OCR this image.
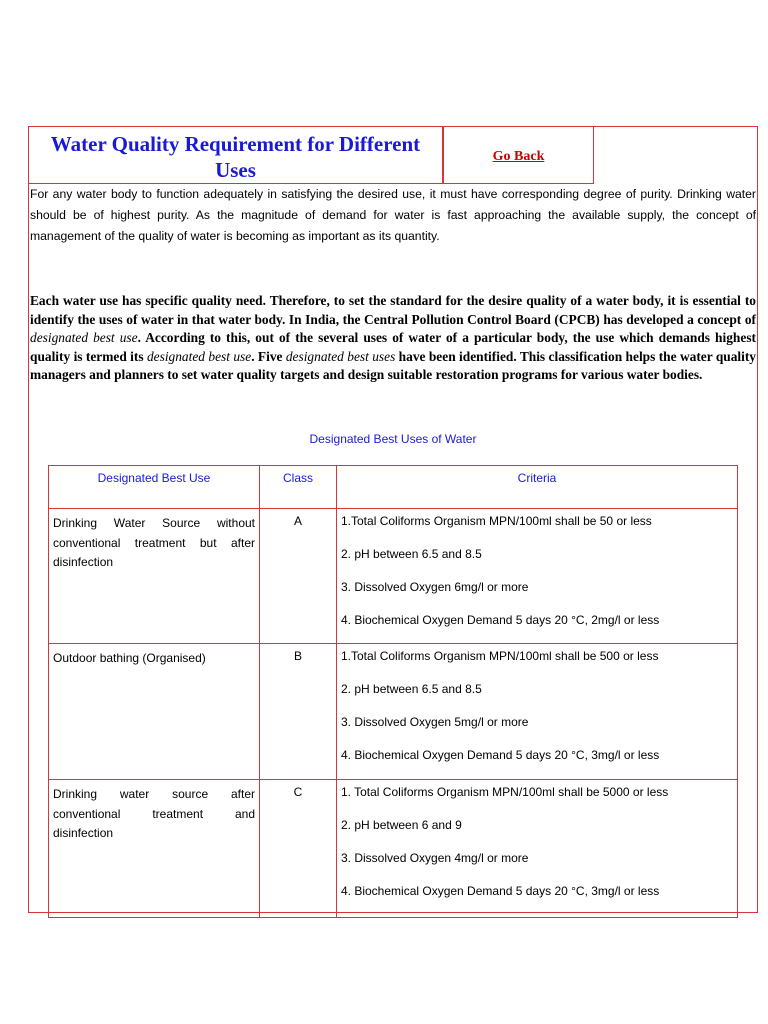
Water Quality Requirement for Different Uses
Go Back
For any water body to function adequately in satisfying the desired use, it must have corresponding degree of purity. Drinking water should be of highest purity. As the magnitude of demand for water is fast approaching the available supply, the concept of management of the quality of water is becoming as important as its quantity.
Each water use has specific quality need. Therefore, to set the standard for the desire quality of a water body, it is essential to identify the uses of water in that water body. In India, the Central Pollution Control Board (CPCB) has developed a concept of designated best use. According to this, out of the several uses of water of a particular body, the use which demands highest quality is termed its designated best use. Five designated best uses have been identified. This classification helps the water quality managers and planners to set water quality targets and design suitable restoration programs for various water bodies.
Designated Best Uses of Water
Designated Best Use	Class	Criteria
Drinking Water Source without conventional treatment but after disinfection	A	1.Total Coliforms Organism MPN/100ml shall be 50 or less
2. pH between 6.5 and 8.5
3. Dissolved Oxygen 6mg/l or more
4. Biochemical Oxygen Demand 5 days 20 °C, 2mg/l or less

Outdoor bathing (Organised)	B	1.Total Coliforms Organism MPN/100ml shall be 500 or less
2. pH between 6.5 and 8.5
3. Dissolved Oxygen 5mg/l or more
4. Biochemical Oxygen Demand 5 days 20 °C, 3mg/l or less

Drinking water source after conventional treatment and disinfection	C	1. Total Coliforms Organism MPN/100ml shall be 5000 or less
2. pH between 6 and 9
3. Dissolved Oxygen 4mg/l or more
4. Biochemical Oxygen Demand 5 days 20 °C, 3mg/l or less
